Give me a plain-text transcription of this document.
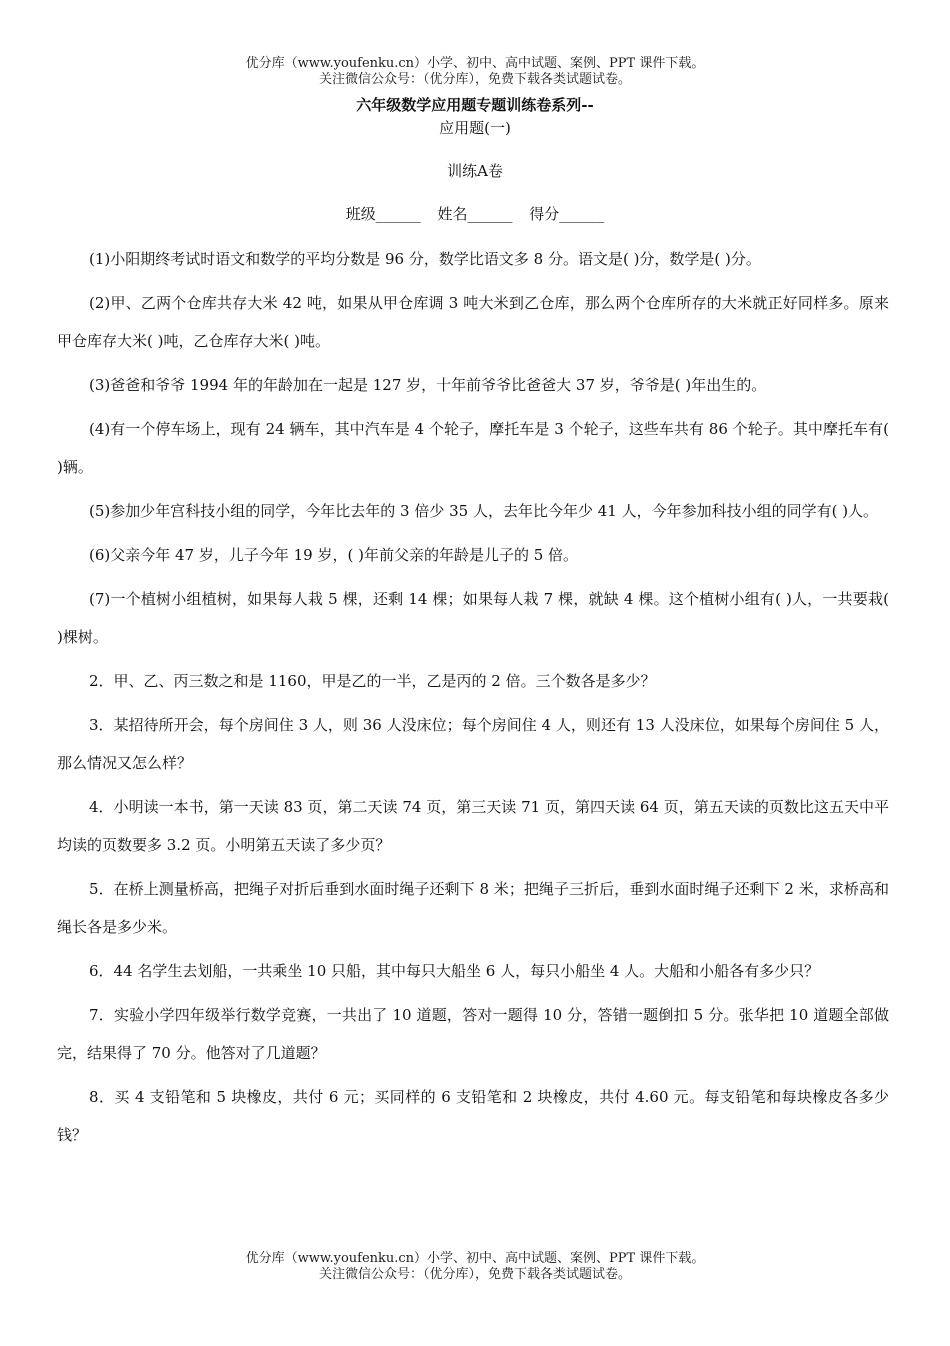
优分库（www.youfenku.cn）小学、初中、高中试题、案例、PPT 课件下载。
关注微信公众号：（优分库），免费下载各类试题试卷。
六年级数学应用题专题训练卷系列--
应用题(一)
训练A卷
班级______ 姓名______ 得分______

(1)小阳期终考试时语文和数学的平均分数是 96 分，数学比语文多 8 分。语文是( )分，数学是( )分。

(2)甲、乙两个仓库共存大米 42 吨，如果从甲仓库调 3 吨大米到乙仓库，那么两个仓库所存的大米就正好同样多。原来甲仓库存大米( )吨，乙仓库存大米( )吨。

(3)爸爸和爷爷 1994 年的年龄加在一起是 127 岁，十年前爷爷比爸爸大 37 岁，爷爷是( )年出生的。

(4)有一个停车场上，现有 24 辆车，其中汽车是 4 个轮子，摩托车是 3 个轮子，这些车共有 86 个轮子。其中摩托车有( )辆。

(5)参加少年宫科技小组的同学，今年比去年的 3 倍少 35 人，去年比今年少 41 人，今年参加科技小组的同学有( )人。

(6)父亲今年 47 岁，儿子今年 19 岁，( )年前父亲的年龄是儿子的 5 倍。

(7)一个植树小组植树，如果每人栽 5 棵，还剩 14 棵；如果每人栽 7 棵，就缺 4 棵。这个植树小组有( )人，一共要栽( )棵树。

2．甲、乙、丙三数之和是 1160，甲是乙的一半，乙是丙的 2 倍。三个数各是多少？

3．某招待所开会，每个房间住 3 人，则 36 人没床位；每个房间住 4 人，则还有 13 人没床位，如果每个房间住 5 人，那么情况又怎么样？

4．小明读一本书，第一天读 83 页，第二天读 74 页，第三天读 71 页，第四天读 64 页，第五天读的页数比这五天中平均读的页数要多 3.2 页。小明第五天读了多少页？

5．在桥上测量桥高，把绳子对折后垂到水面时绳子还剩下 8 米；把绳子三折后，垂到水面时绳子还剩下 2 米，求桥高和绳长各是多少米。

6．44 名学生去划船，一共乘坐 10 只船，其中每只大船坐 6 人，每只小船坐 4 人。大船和小船各有多少只？

7．实验小学四年级举行数学竞赛，一共出了 10 道题，答对一题得 10 分，答错一题倒扣 5 分。张华把 10 道题全部做完，结果得了 70 分。他答对了几道题？

8．买 4 支铅笔和 5 块橡皮，共付 6 元；买同样的 6 支铅笔和 2 块橡皮，共付 4.60 元。每支铅笔和每块橡皮各多少钱？

优分库（www.youfenku.cn）小学、初中、高中试题、案例、PPT 课件下载。
关注微信公众号：（优分库），免费下载各类试题试卷。
